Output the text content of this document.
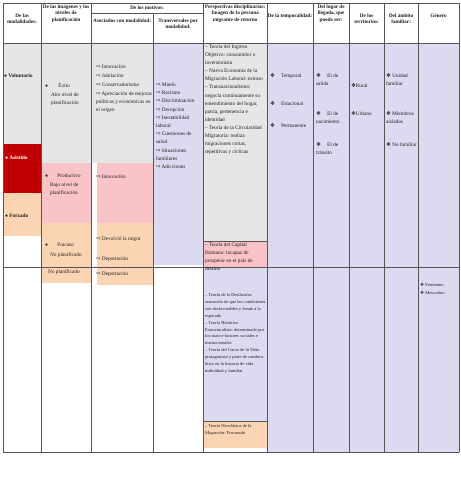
De las modalidades:
De las imágenes y los niveles de planificación
De los motivos:
Asociados con modalidad:	Transversales por modalidad:
Perspectivas disciplinarias: Imagen de la persona migrante de retorno
De la temporalidad:
Del lugar de llegada, que puede ser:
De los territorios:
Del ámbito familiar:
Género
● Voluntario
● Asistido
● Forzado
● Éxito
Alto nivel de planificación
● Productivo
Bajo nivel de planificación
● Fracaso
No planificado
No planificado
⇨ Innovación
⇨ Jubilación
⇨ Conservadurismo
⇨ Apreciación de mejoras políticas y económicas en el origen
⇨ Innovación
⇨ Devolvió la migra
⇨ Deportación
⇨ Deportación
⇨ Miedo
⇨ Racismo
⇨ Discriminación
⇨ Decepción
⇨ Inestabilidad laboral
⇨ Cuestiones de salud
⇨ Situaciones familiares
⇨ Adicciones
– Teoría del Ingreso Objetivo: consumidor o inversionista
– Nueva Economía de la Migración Laboral: exitoso
– Transnacionalismo: negocia continuamente su entendimiento del hogar, patria, pertenencia e identidad
– Teoría de la Circularidad Migratoria: realiza migraciones cortas, repetitivas y cíclicas
– Teoría del Capital Humano: incapaz de prosperar en el país de destino
– Teoría de la Desilusión: sensación de que las condiciones son desfavorables y frente a lo esperado
– Teoría Histórico Estructuralista: determinado por los macro-factores sociales e institucionales
– Teoría del Curso de la Vida: protagonista y parte de cambios hitos en la historia de vida individual y familiar
– Teoría Neoclásica de la Migración: Fracasado
❖ Temporal
❖ Estacional
❖ Permanente
❖ El de salida
❖ El de nacimiento
❖ El de tránsito
❖Rural
❖Urbano
❖ Unidad familiar
❖ Miembros aislados
❖ No familiar
❖ Femenino
❖ Masculino
